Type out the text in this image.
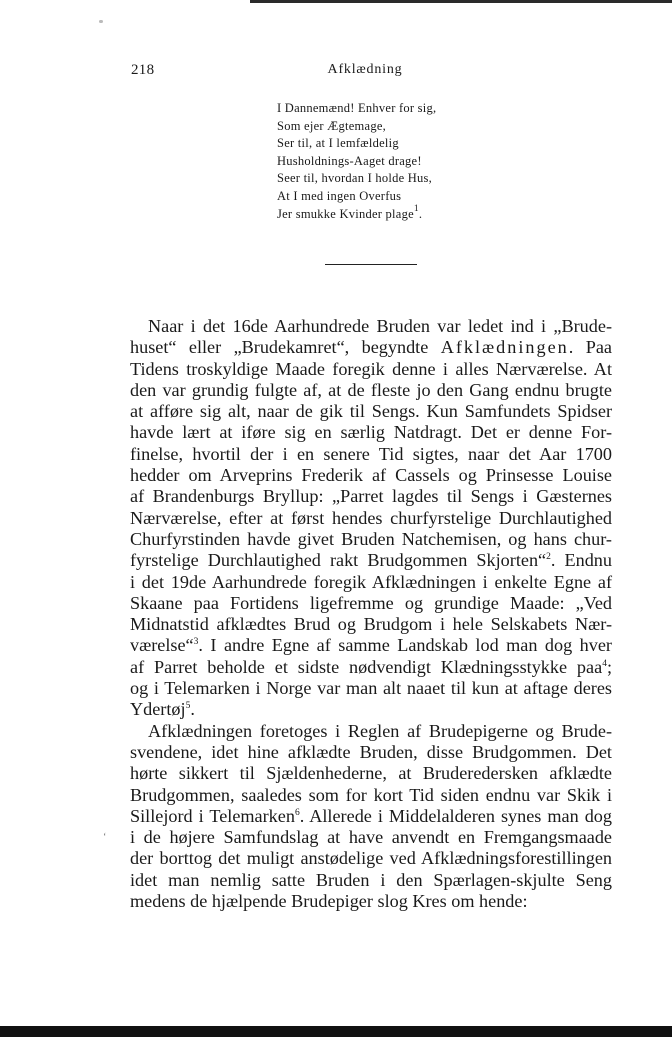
218	Afklædning
I Dannemænd! Enhver for sig,
Som ejer Ægtemage,
Ser til, at I lemfældelig
Husholdnings-Aaget drage!
Seer til, hvordan I holde Hus,
At I med ingen Overfus
Jer smukke Kvinder plage$^1$.
Naar i det 16de Aarhundrede Bruden var ledet ind i „Brude-
huset“ eller „Brudekamret“, begyndte Afklædningen. Paa
Tidens troskyldige Maade foregik denne i alles Nærværelse. At
den var grundig fulgte af, at de fleste jo den Gang endnu brugte
at afføre sig alt, naar de gik til Sengs. Kun Samfundets Spidser
havde lært at iføre sig en særlig Natdragt. Det er denne For-
finelse, hvortil der i en senere Tid sigtes, naar det Aar 1700
hedder om Arveprins Frederik af Cassels og Prinsesse Louise
af Brandenburgs Bryllup: „Parret lagdes til Sengs i Gæsternes
Nærværelse, efter at først hendes churfyrstelige Durchlautighed
Churfyrstinden havde givet Bruden Natchemisen, og hans chur-
fyrstelige Durchlautighed rakt Brudgommen Skjorten“$^2$. Endnu
i det 19de Aarhundrede foregik Afklædningen i enkelte Egne af
Skaane paa Fortidens ligefremme og grundige Maade: „Ved
Midnatstid afklædtes Brud og Brudgom i hele Selskabets Nær-
værelse“$^3$. I andre Egne af samme Landskab lod man dog hver
af Parret beholde et sidste nødvendigt Klædningsstykke paa$^4$;
og i Telemarken i Norge var man alt naaet til kun at aftage deres
Ydertøj$^5$.
Afklædningen foretoges i Reglen af Brudepigerne og Brude-
svendene, idet hine afklædte Bruden, disse Brudgommen. Det
hørte sikkert til Sjældenhederne, at Bruderedersken afklædte
Brudgommen, saaledes som for kort Tid siden endnu var Skik i
Sillejord i Telemarken$^6$. Allerede i Middelalderen synes man dog
i de højere Samfundslag at have anvendt en Fremgangsmaade
der borttog det muligt anstødelige ved Afklædningsforestillingen
idet man nemlig satte Bruden i den Spærlagen-skjulte Seng
medens de hjælpende Brudepiger slog Kres om hende:
‘
